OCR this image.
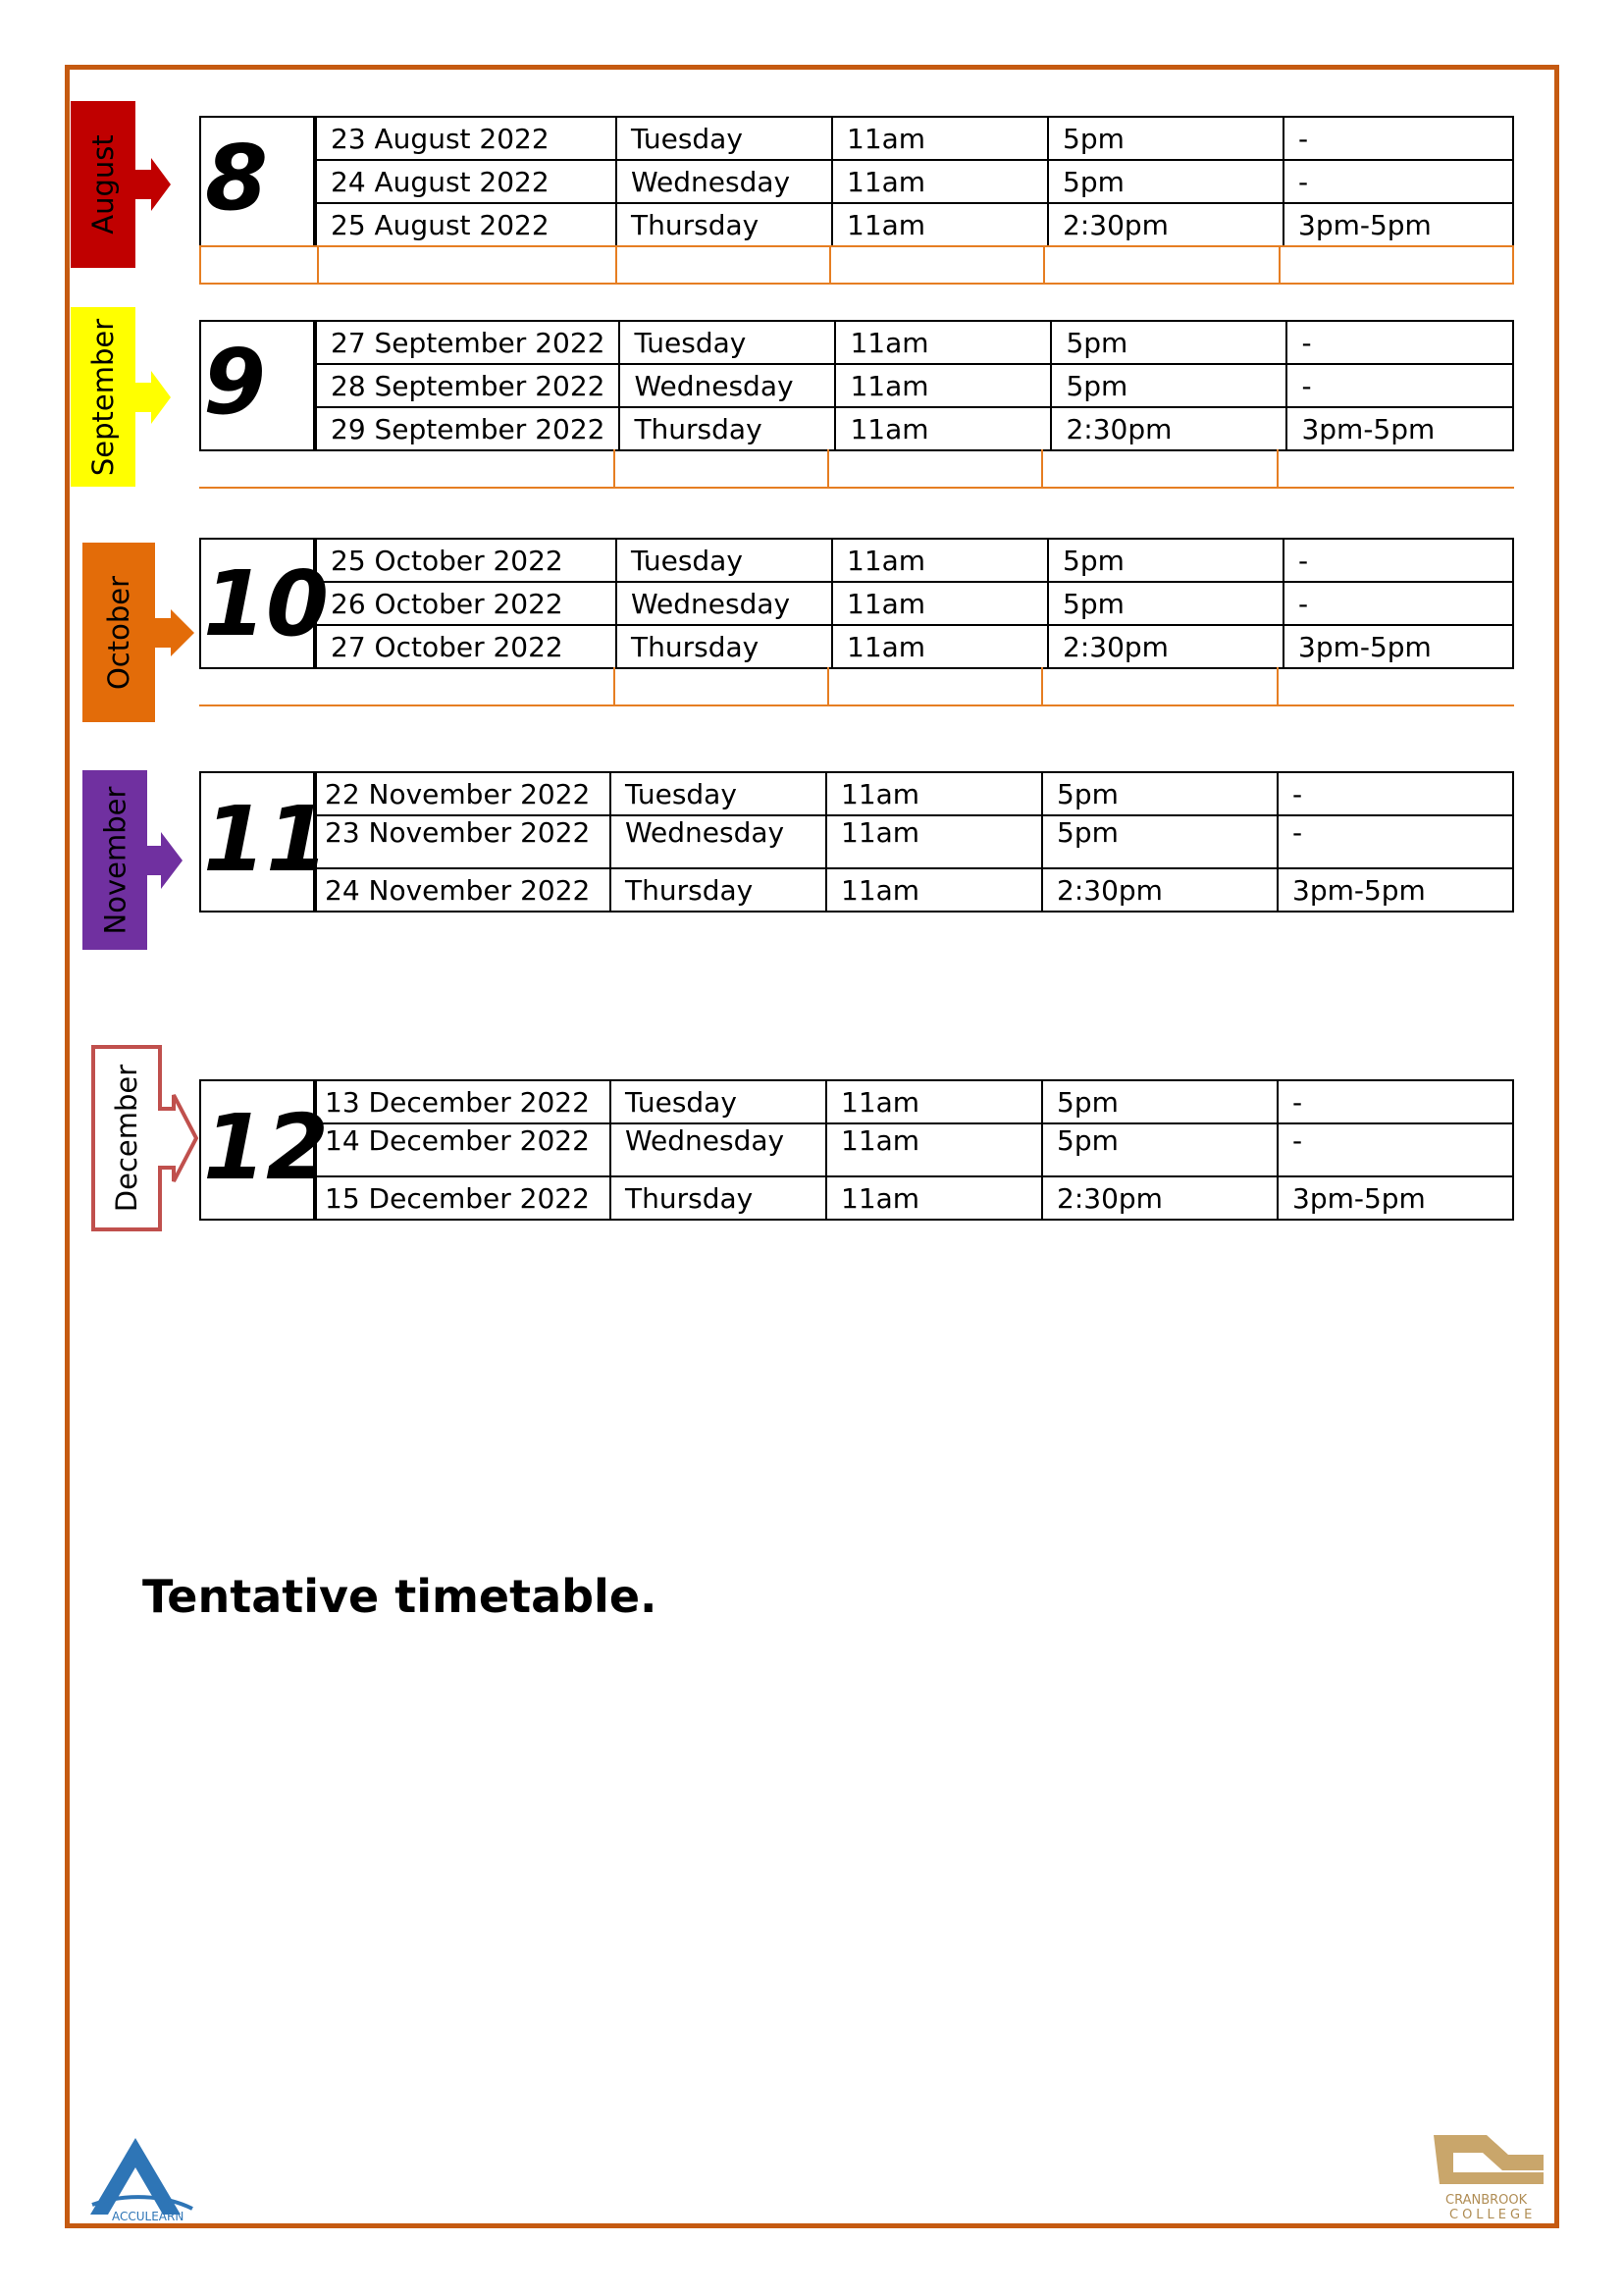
August 8 23 August 2022	Tuesday	11am	5pm	-
24 August 2022	Wednesday	11am	5pm	-
25 August 2022	Thursday	11am	2:30pm	3pm-5pm
September 9 27 September 2022	Tuesday	11am	5pm	-
28 September 2022	Wednesday	11am	5pm	-
29 September 2022	Thursday	11am	2:30pm	3pm-5pm
October 10 25 October 2022	Tuesday	11am	5pm	-
26 October 2022	Wednesday	11am	5pm	-
27 October 2022	Thursday	11am	2:30pm	3pm-5pm
November 11
22 November 2022	Tuesday	11am	5pm	-
23 November 2022	Wednesday	11am	5pm	-
24 November 2022	Thursday	11am	2:30pm	3pm-5pm
December 12
13 December 2022	Tuesday	11am	5pm	-
14 December 2022	Wednesday	11am	5pm	-
15 December 2022	Thursday	11am	2:30pm	3pm-5pm
Tentative timetable.
ACCULEARN
CRANBROOK
COLLEGE
